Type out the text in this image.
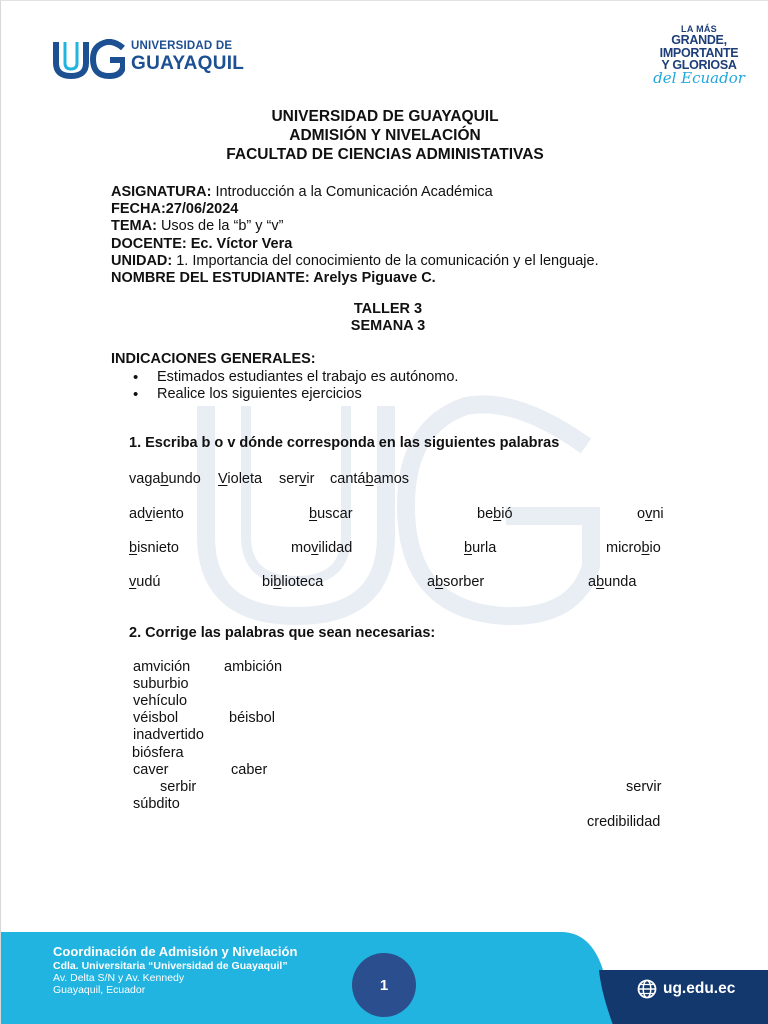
UNIVERSIDAD DE
GUAYAQUIL
LA MÁS
GRANDE,
IMPORTANTE
Y GLORIOSA
del Ecuador
UNIVERSIDAD DE GUAYAQUIL
ADMISIÓN Y NIVELACIÓN
FACULTAD DE CIENCIAS ADMINISTATIVAS
ASIGNATURA: Introducción a la Comunicación Académica
FECHA:27/06/2024
TEMA: Usos de la “b” y “v”
DOCENTE: Ec. Víctor Vera
UNIDAD: 1. Importancia del conocimiento de la comunicación y el lenguaje.
NOMBRE DEL ESTUDIANTE: Arelys Piguave C.
TALLER 3
SEMANA 3
INDICACIONES GENERALES:
• Estimados estudiantes el trabajo es autónomo.
• Realice los siguientes ejercicios
1. Escriba b o v dónde corresponda en las siguientes palabras
vagabundo Violeta servir cantábamos
adviento	buscar	bebió	ovni
bisnieto	movilidad	burla	microbio
vudú	biblioteca	absorber	abunda
2. Corrige las palabras que sean necesarias:
amvición ambición
suburbio
vehículo
véisbol	béisbol
inadvertido
biósfera
caver	caber
serbir	servir
súbdito
credibilidad
Coordinación de Admisión y Nivelación
Cdla. Universitaria “Universidad de Guayaquil”
Av. Delta S/N y Av. Kennedy
Guayaquil, Ecuador	1	ug.edu.ec
